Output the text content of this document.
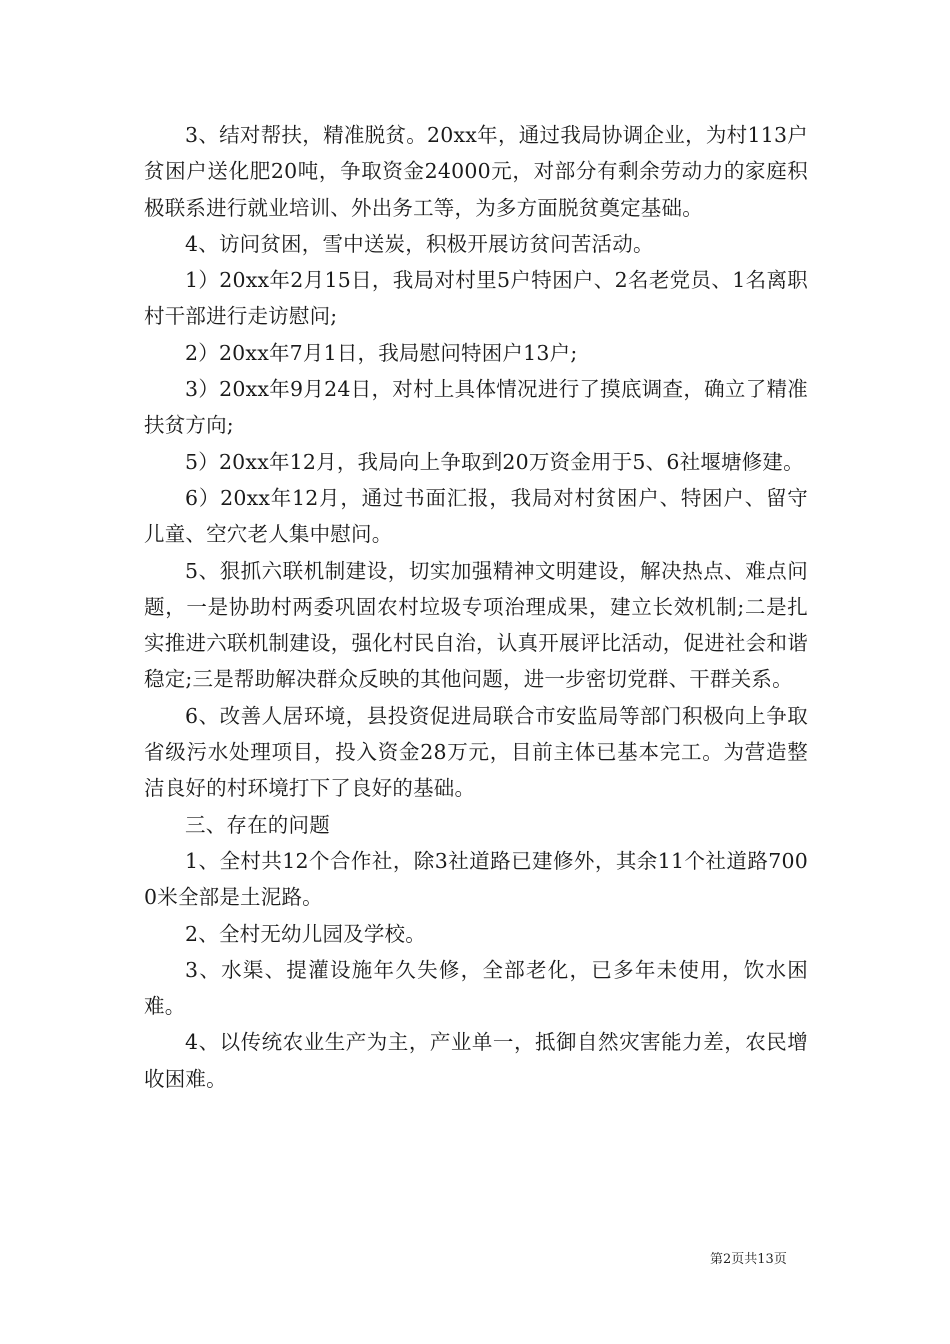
3、结对帮扶，精准脱贫。20xx年，通过我局协调企业，为村113户贫困户送化肥20吨，争取资金24000元，对部分有剩余劳动力的家庭积极联系进行就业培训、外出务工等，为多方面脱贫奠定基础。

4、访问贫困，雪中送炭，积极开展访贫问苦活动。

1）20xx年2月15日，我局对村里5户特困户、2名老党员、1名离职村干部进行走访慰问;

2）20xx年7月1日，我局慰问特困户13户;

3）20xx年9月24日，对村上具体情况进行了摸底调查，确立了精准扶贫方向;

5）20xx年12月，我局向上争取到20万资金用于5、6社堰塘修建。

6）20xx年12月，通过书面汇报，我局对村贫困户、特困户、留守儿童、空穴老人集中慰问。

5、狠抓六联机制建设，切实加强精神文明建设，解决热点、难点问题，一是协助村两委巩固农村垃圾专项治理成果，建立长效机制;二是扎实推进六联机制建设，强化村民自治，认真开展评比活动，促进社会和谐稳定;三是帮助解决群众反映的其他问题，进一步密切党群、干群关系。

6、改善人居环境，县投资促进局联合市安监局等部门积极向上争取省级污水处理项目，投入资金28万元，目前主体已基本完工。为营造整洁良好的村环境打下了良好的基础。

三、存在的问题

1、全村共12个合作社，除3社道路已建修外，其余11个社道路7000米全部是土泥路。

2、全村无幼儿园及学校。

3、水渠、提灌设施年久失修，全部老化，已多年未使用，饮水困难。

4、以传统农业生产为主，产业单一，抵御自然灾害能力差，农民增收困难。

第2页共13页
